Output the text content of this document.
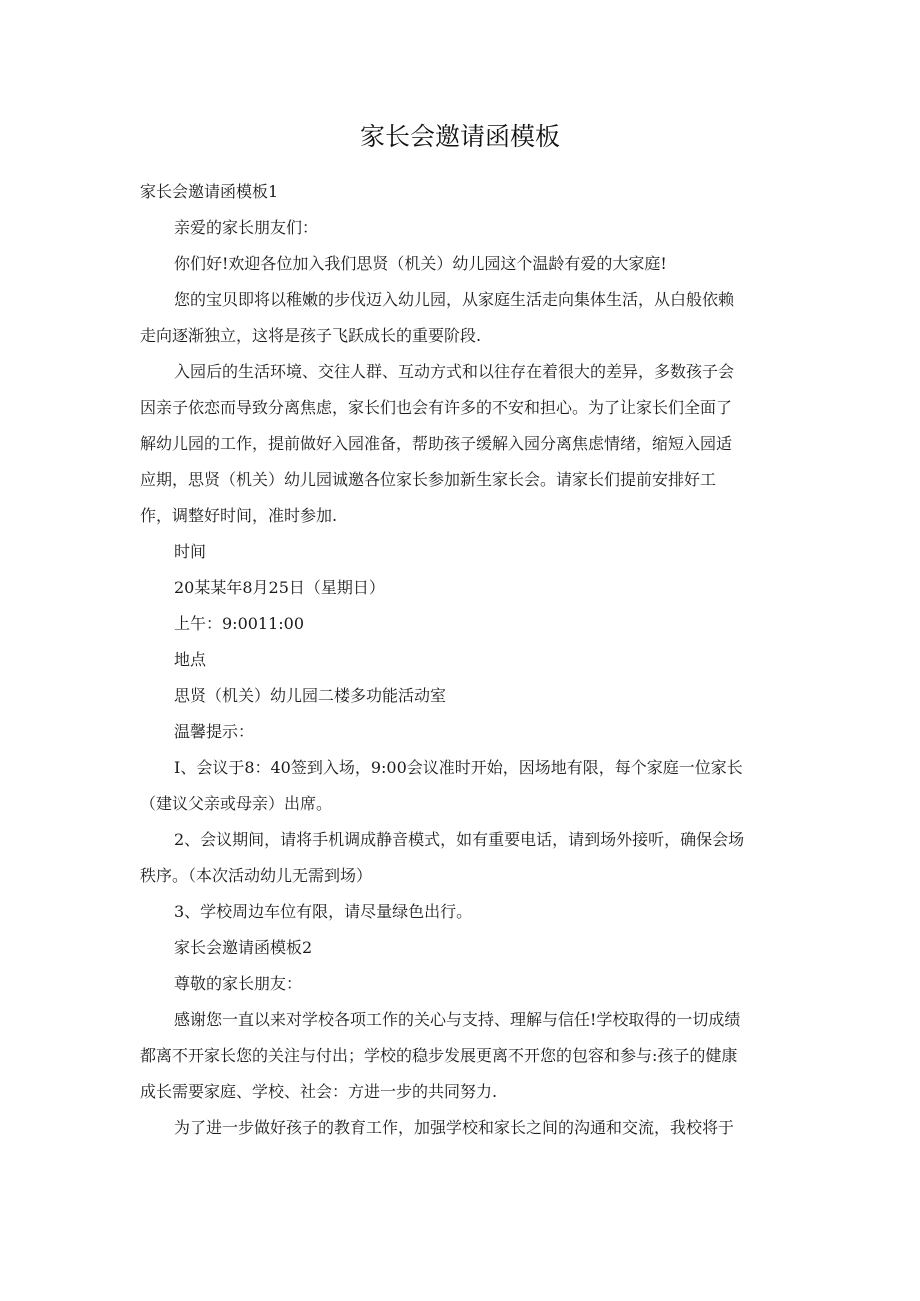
家长会邀请函模板
家长会邀请函模板1
亲爱的家长朋友们：
你们好!欢迎各位加入我们思贤（机关）幼儿园这个温龄有爱的大家庭!
您的宝贝即将以稚嫩的步伐迈入幼儿园，从家庭生活走向集体生活，从白般依赖
走向逐渐独立，这将是孩子飞跃成长的重要阶段.
入园后的生活环境、交往人群、互动方式和以往存在着很大的差异，多数孩子会
因亲子依恋而导致分离焦虑，家长们也会有许多的不安和担心。为了让家长们全面了
解幼儿园的工作，提前做好入园准备，帮助孩子缓解入园分离焦虑情绪，缩短入园适
应期，思贤（机关）幼儿园诚邀各位家长参加新生家长会。请家长们提前安排好工
作，调整好时间，准时参加.
时间
20某某年8月25日（星期日）
上午：9:0011:00
地点
思贤（机关）幼儿园二楼多功能活动室
温馨提示：
I、会议于8：40签到入场，9:00会议准时开始，因场地有限，每个家庭一位家长
（建议父亲或母亲）出席。
2、会议期间，请将手机调成静音模式，如有重要电话，请到场外接听，确保会场
秩序。（本次活动幼儿无需到场）
3、学校周边车位有限，请尽量绿色出行。
家长会邀请函模板2
尊敬的家长朋友：
感谢您一直以来对学校各项工作的关心与支持、理解与信任!学校取得的一切成绩
都离不开家长您的关注与付出；学校的稳步发展更离不开您的包容和参与:孩子的健康
成长需要家庭、学校、社会：方进一步的共同努力.
为了进一步做好孩子的教育工作，加强学校和家长之间的沟通和交流，我校将于
